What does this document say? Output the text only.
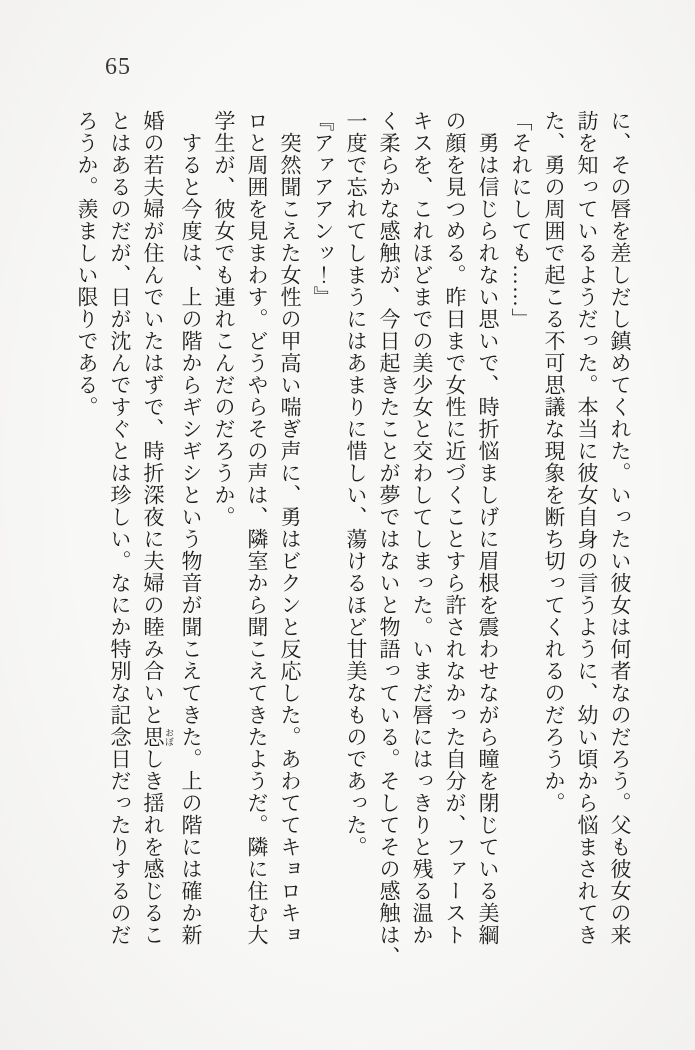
65
に、その唇を差しだし鎮めてくれた。いったい彼女は何者なのだろう。父も彼女の来
訪を知っているようだった。本当に彼女自身の言うように、幼い頃から悩まされてき
た、勇の周囲で起こる不可思議な現象を断ち切ってくれるのだろうか。
「それにしても……」
　勇は信じられない思いで、時折悩ましげに眉根を震わせながら瞳を閉じている美綱
の顔を見つめる。昨日まで女性に近づくことすら許されなかった自分が、ファースト
キスを、これほどまでの美少女と交わしてしまった。いまだ唇にはっきりと残る温か
く柔らかな感触が、今日起きたことが夢ではないと物語っている。そしてその感触は、
一度で忘れてしまうにはあまりに惜しい、蕩けるほど甘美なものであった。
『アァアアンッ！』
　突然聞こえた女性の甲高い喘ぎ声に、勇はビクンと反応した。あわててキョロキョ
ロと周囲を見まわす。どうやらその声は、隣室から聞こえてきたようだ。隣に住む大
学生が、彼女でも連れこんだのだろうか。
　すると今度は、上の階からギシギシという物音が聞こえてきた。上の階には確か新
婚の若夫婦が住んでいたはずで、時折深夜に夫婦の睦み合いと思 おぼしき揺れを感じるこ
とはあるのだが、日が沈んですぐとは珍しい。なにか特別な記念日だったりするのだ
ろうか。羨ましい限りである。
